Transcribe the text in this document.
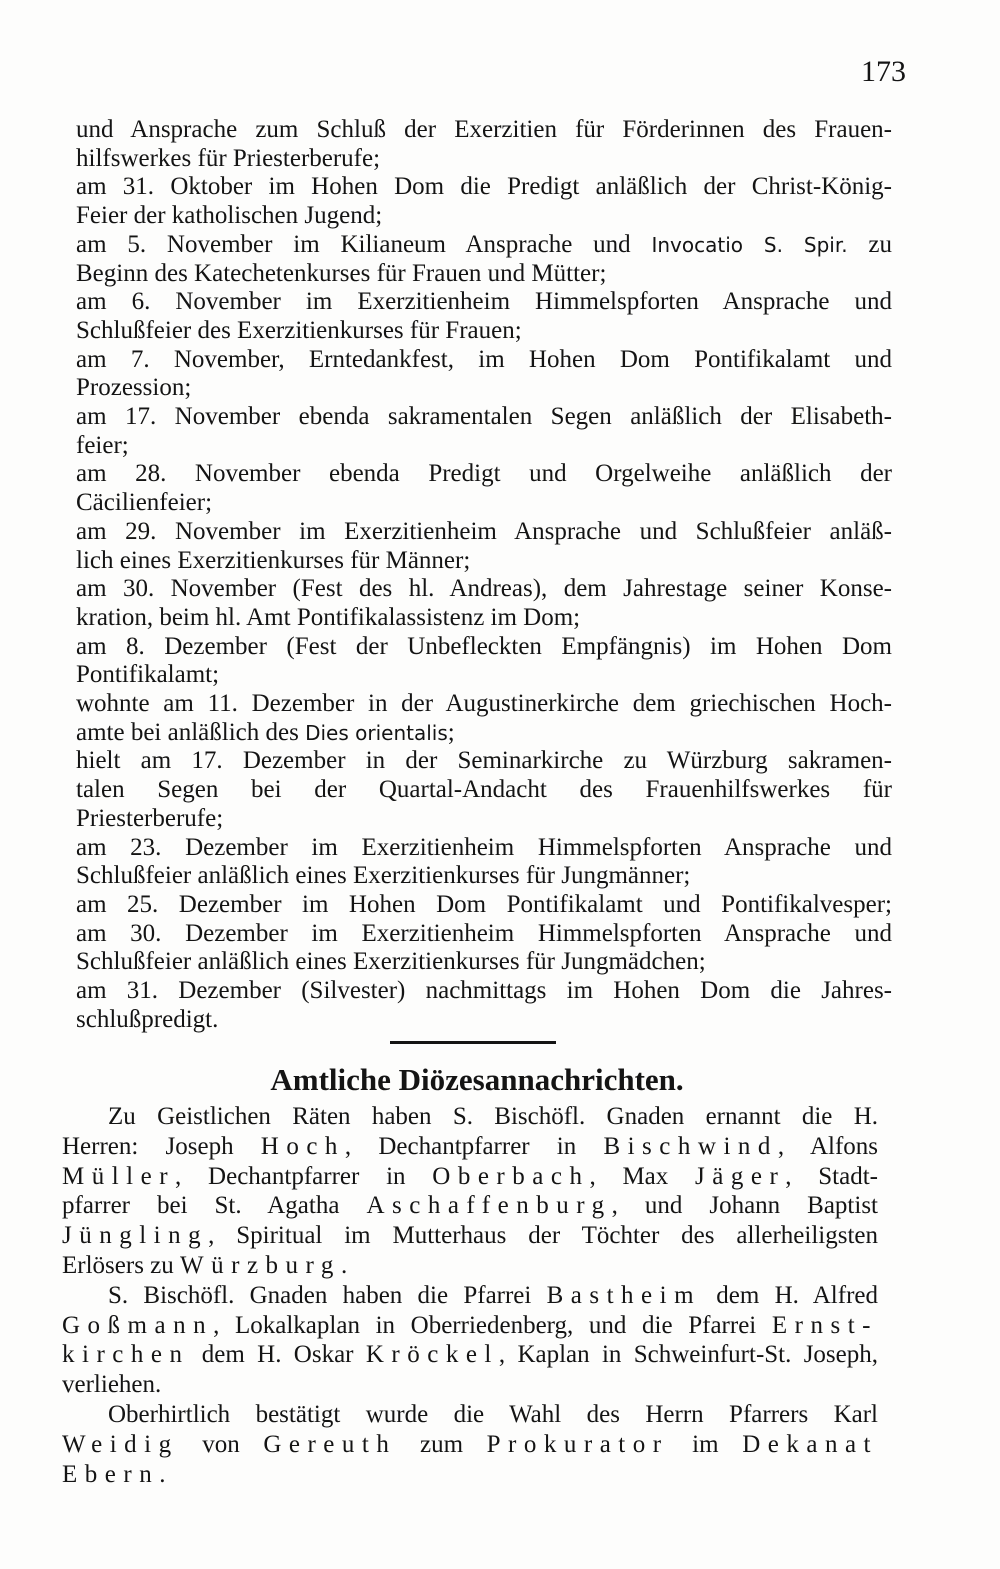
173
und Ansprache zum Schluß der Exerzitien für Förderinnen des Frauen-
hilfswerkes für Priesterberufe;
am 31. Oktober im Hohen Dom die Predigt anläßlich der Christ-König-
Feier der katholischen Jugend;
am 5. November im Kilianeum Ansprache und Invocatio S. Spir. zu
Beginn des Katechetenkurses für Frauen und Mütter;
am 6. November im Exerzitienheim Himmelspforten Ansprache und
Schlußfeier des Exerzitienkurses für Frauen;
am 7. November, Erntedankfest, im Hohen Dom Pontifikalamt und
Prozession;
am 17. November ebenda sakramentalen Segen anläßlich der Elisabeth-
feier;
am 28. November ebenda Predigt und Orgelweihe anläßlich der
Cäcilienfeier;
am 29. November im Exerzitienheim Ansprache und Schlußfeier anläß-
lich eines Exerzitienkurses für Männer;
am 30. November (Fest des hl. Andreas), dem Jahrestage seiner Konse-
kration, beim hl. Amt Pontifikalassistenz im Dom;
am 8. Dezember (Fest der Unbefleckten Empfängnis) im Hohen Dom
Pontifikalamt;
wohnte am 11. Dezember in der Augustinerkirche dem griechischen Hoch-
amte bei anläßlich des Dies orientalis;
hielt am 17. Dezember in der Seminarkirche zu Würzburg sakramen-
talen Segen bei der Quartal-Andacht des Frauenhilfswerkes für
Priesterberufe;
am 23. Dezember im Exerzitienheim Himmelspforten Ansprache und
Schlußfeier anläßlich eines Exerzitienkurses für Jungmänner;
am 25. Dezember im Hohen Dom Pontifikalamt und Pontifikalvesper;
am 30. Dezember im Exerzitienheim Himmelspforten Ansprache und
Schlußfeier anläßlich eines Exerzitienkurses für Jungmädchen;
am 31. Dezember (Silvester) nachmittags im Hohen Dom die Jahres-
schlußpredigt.
Amtliche Diözesannachrichten.
Zu Geistlichen Räten haben S. Bischöfl. Gnaden ernannt die H.
Herren: Joseph Hoch, Dechantpfarrer in Bischwind, Alfons
Müller, Dechantpfarrer in Oberbach, Max Jäger, Stadt-
pfarrer bei St. Agatha Aschaffenburg, und Johann Baptist
Jüngling, Spiritual im Mutterhaus der Töchter des allerheiligsten
Erlösers zu Würzburg.
S. Bischöfl. Gnaden haben die Pfarrei Bastheim dem H. Alfred
Goßmann, Lokalkaplan in Oberriedenberg, und die Pfarrei Ernst-
kirchen dem H. Oskar Kröckel, Kaplan in Schweinfurt-St. Joseph,
verliehen.
Oberhirtlich bestätigt wurde die Wahl des Herrn Pfarrers Karl
Weidig von Gereuth zum Prokurator im Dekanat
Ebern.
